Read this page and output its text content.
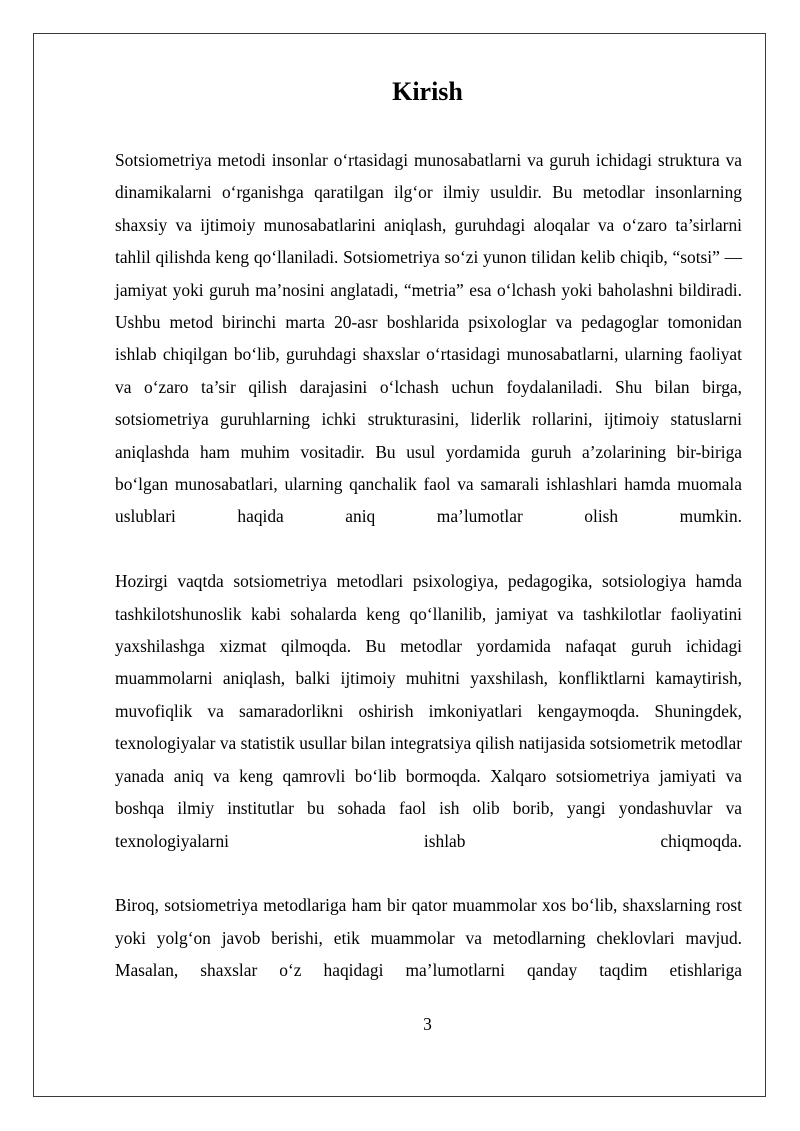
Kirish

Sotsiometriya metodi insonlar o‘rtasidagi munosabatlarni va guruh ichidagi struktura va dinamikalarni o‘rganishga qaratilgan ilg‘or ilmiy usuldir. Bu metodlar insonlarning shaxsiy va ijtimoiy munosabatlarini aniqlash, guruhdagi aloqalar va o‘zaro ta’sirlarni tahlil qilishda keng qo‘llaniladi. Sotsiometriya so‘zi yunon tilidan kelib chiqib, “sotsi” — jamiyat yoki guruh ma’nosini anglatadi, “metria” esa o‘lchash yoki baholashni bildiradi. Ushbu metod birinchi marta 20-asr boshlarida psixologlar va pedagoglar tomonidan ishlab chiqilgan bo‘lib, guruhdagi shaxslar o‘rtasidagi munosabatlarni, ularning faoliyat va o‘zaro ta’sir qilish darajasini o‘lchash uchun foydalaniladi. Shu bilan birga, sotsiometriya guruhlarning ichki strukturasini, liderlik rollarini, ijtimoiy statuslarni aniqlashda ham muhim vositadir. Bu usul yordamida guruh a’zolarining bir-biriga bo‘lgan munosabatlari, ularning qanchalik faol va samarali ishlashlari hamda muomala uslublari haqida aniq ma’lumotlar olish mumkin.

Hozirgi vaqtda sotsiometriya metodlari psixologiya, pedagogika, sotsiologiya hamda tashkilotshunoslik kabi sohalarda keng qo‘llanilib, jamiyat va tashkilotlar faoliyatini yaxshilashga xizmat qilmoqda. Bu metodlar yordamida nafaqat guruh ichidagi muammolarni aniqlash, balki ijtimoiy muhitni yaxshilash, konfliktlarni kamaytirish, muvofiqlik va samaradorlikni oshirish imkoniyatlari kengaymoqda. Shuningdek, texnologiyalar va statistik usullar bilan integratsiya qilish natijasida sotsiometrik metodlar yanada aniq va keng qamrovli bo‘lib bormoqda. Xalqaro sotsiometriya jamiyati va boshqa ilmiy institutlar bu sohada faol ish olib borib, yangi yondashuvlar va texnologiyalarni ishlab chiqmoqda.

Biroq, sotsiometriya metodlariga ham bir qator muammolar xos bo‘lib, shaxslarning rost yoki yolg‘on javob berishi, etik muammolar va metodlarning cheklovlari mavjud. Masalan, shaxslar o‘z haqidagi ma’lumotlarni qanday taqdim etishlariga

3
